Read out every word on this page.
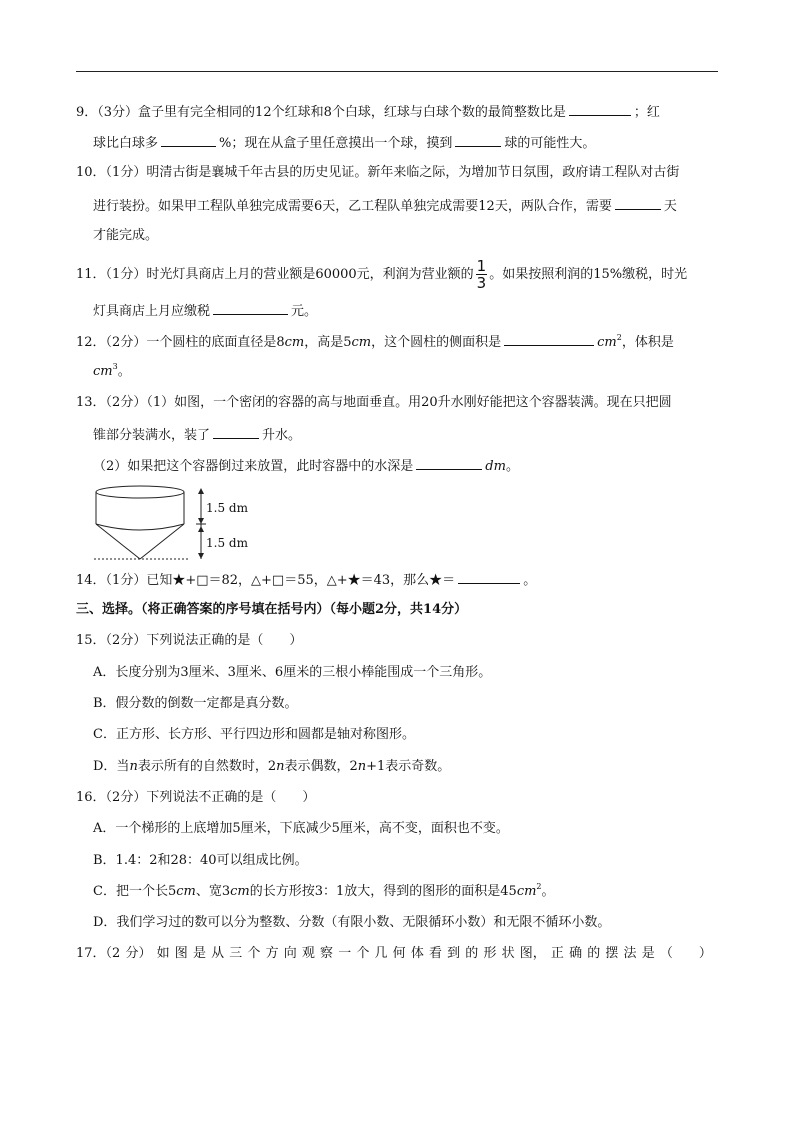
9．（3分）盒子里有完全相同的12个红球和8个白球，红球与白球个数的最简整数比是	；红
球比白球多	%；现在从盒子里任意摸出一个球，摸到	球的可能性大。
10．（1分）明清古街是襄城千年古县的历史见证。新年来临之际，为增加节日氛围，政府请工程队对古街
进行装扮。如果甲工程队单独完成需要6天，乙工程队单独完成需要12天，两队合作，需要	天
才能完成。
11．（1分）时光灯具商店上月的营业额是60000元，利润为营业额的 $\frac{1}{3}$ 。如果按照利润的15%缴税，时光
灯具商店上月应缴税	元。
12．（2分）一个圆柱的底面直径是8cm，高是5cm，这个圆柱的侧面积是	$cm^2$，体积是
$cm^3$。
13．（2分）（1）如图，一个密闭的容器的高与地面垂直。用20升水刚好能把这个容器装满。现在只把圆
锥部分装满水，装了	升水。
（2）如果把这个容器倒过来放置，此时容器中的水深是	dm。
1.5 dm
1.5 dm
14．（1分）已知★+□＝82，△+□＝55，△+★＝43，那么★＝	。
三、选择。（将正确答案的序号填在括号内）（每小题2分，共14分）
15．（2分）下列说法正确的是（　　）
A．长度分别为3厘米、3厘米、6厘米的三根小棒能围成一个三角形。
B．假分数的倒数一定都是真分数。
C．正方形、长方形、平行四边形和圆都是轴对称图形。
D．当n表示所有的自然数时，2n表示偶数，2n+1表示奇数。
16．（2分）下列说法不正确的是（　　）
A．一个梯形的上底增加5厘米，下底减少5厘米，高不变，面积也不变。
B．1.4：2和28：40可以组成比例。
C．把一个长5cm、宽3cm的长方形按3：1放大，得到的图形的面积是$45cm^2$。
D．我们学习过的数可以分为整数、分数（有限小数、无限循环小数）和无限不循环小数。
17．（2 分） 如 图 是 从 三 个 方 向 观 察 一 个 几 何 体 看 到 的 形 状 图， 正 确 的 摆 法 是 （　　）
